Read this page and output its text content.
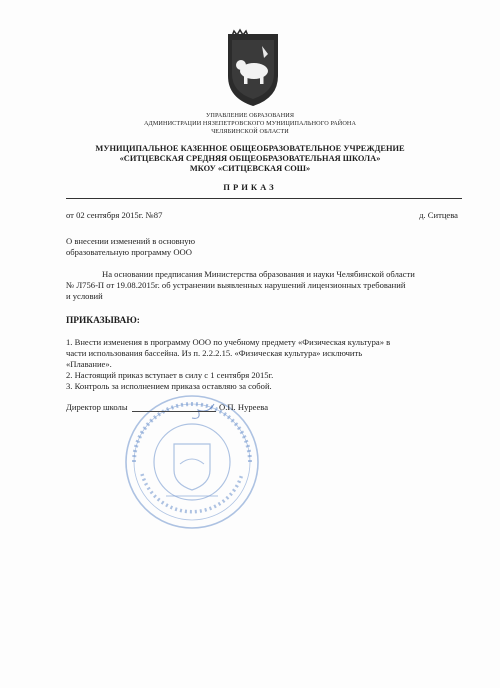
УПРАВЛЕНИЕ ОБРАЗОВАНИЯ
АДМИНИСТРАЦИИ НЯЗЕПЕТРОВСКОГО МУНИЦИПАЛЬНОГО РАЙОНА
ЧЕЛЯБИНСКОЙ ОБЛАСТИ
МУНИЦИПАЛЬНОЕ КАЗЕННОЕ ОБЩЕОБРАЗОВАТЕЛЬНОЕ УЧРЕЖДЕНИЕ
«СИТЦЕВСКАЯ СРЕДНЯЯ ОБЩЕОБРАЗОВАТЕЛЬНАЯ ШКОЛА»
МКОУ «СИТЦЕВСКАЯ СОШ»
ПРИКАЗ
от 02 сентября 2015г. №87	д. Ситцева
О внесении изменений в основную
образовательную программу ООО

На основании предписания Министерства образования и науки Челябинской области

№ Л756-П от 19.08.2015г. об устранении выявленных нарушений лицензионных требований

и условий

ПРИКАЗЫВАЮ:

1. Внести изменения в программу ООО по учебному предмету «Физическая культура» в

части использования бассейна. Из п. 2.2.2.15. «Физическая культура» исключить

«Плавание».

2. Настоящий приказ вступает в силу с 1 сентября 2015г.

3. Контроль за исполнением приказа оставляю за собой.

Директор школы	О.П. Нуреева
